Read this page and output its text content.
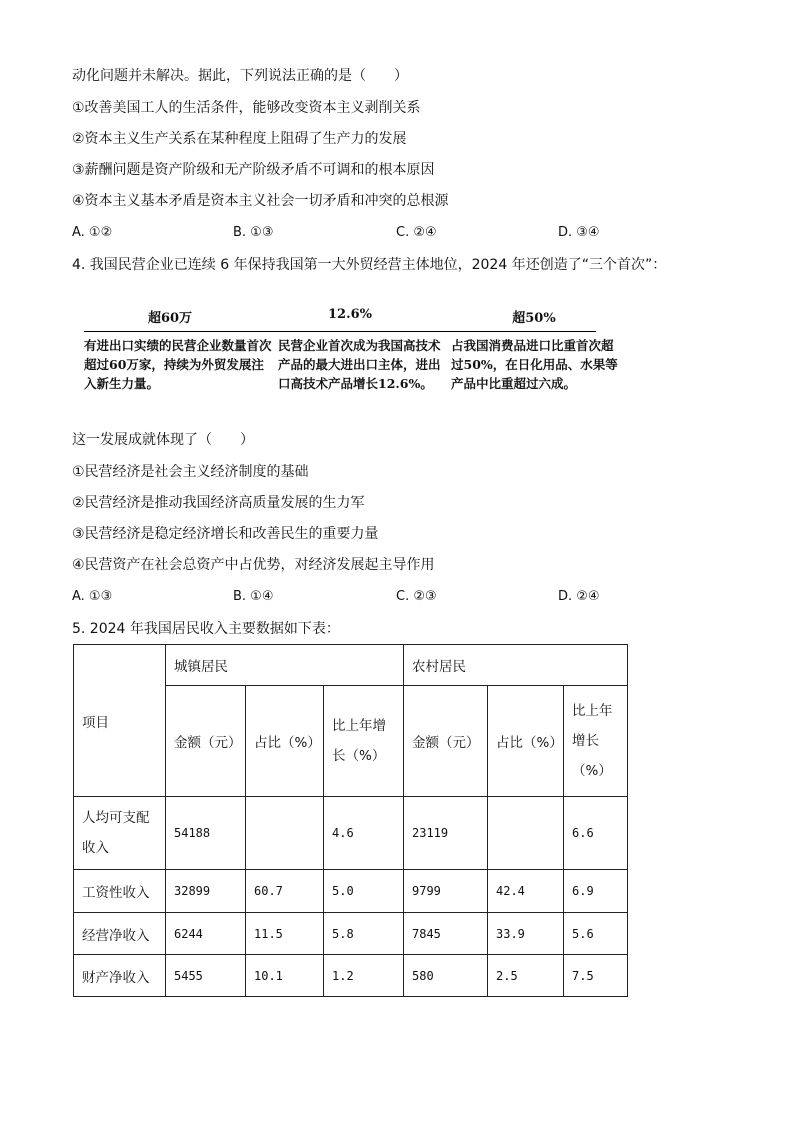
动化问题并未解决。据此，下列说法正确的是（　　）
①改善美国工人的生活条件，能够改变资本主义剥削关系
②资本主义生产关系在某种程度上阻碍了生产力的发展
③薪酬问题是资产阶级和无产阶级矛盾不可调和的根本原因
④资本主义基本矛盾是资本主义社会一切矛盾和冲突的总根源
A. ①②	B. ①③	C. ②④	D. ③④
4. 我国民营企业已连续 6 年保持我国第一大外贸经营主体地位，2024 年还创造了“三个首次”：
超60万	12.6%	超50%
有进出口实绩的民营企业数量首次超过60万家，持续为外贸发展注入新生力量。
民营企业首次成为我国高技术产品的最大进出口主体，进出口高技术产品增长12.6%。
占我国消费品进口比重首次超过50%，在日化用品、水果等产品中比重超过六成。
这一发展成就体现了（　　）
①民营经济是社会主义经济制度的基础
②民营经济是推动我国经济高质量发展的生力军
③民营经济是稳定经济增长和改善民生的重要力量
④民营资产在社会总资产中占优势，对经济发展起主导作用
A. ①③	B. ①④	C. ②③	D. ②④
5. 2024 年我国居民收入主要数据如下表：
项目	城镇居民			农村居民		
	金额（元）	占比（%）	比上年增长（%）	金额（元）	占比（%）	比上年增长（%）
人均可支配收入	54188		4.6	23119		6.6
工资性收入	32899	60.7	5.0	9799	42.4	6.9
经营净收入	6244	11.5	5.8	7845	33.9	5.6
财产净收入	5455	10.1	1.2	580	2.5	7.5
